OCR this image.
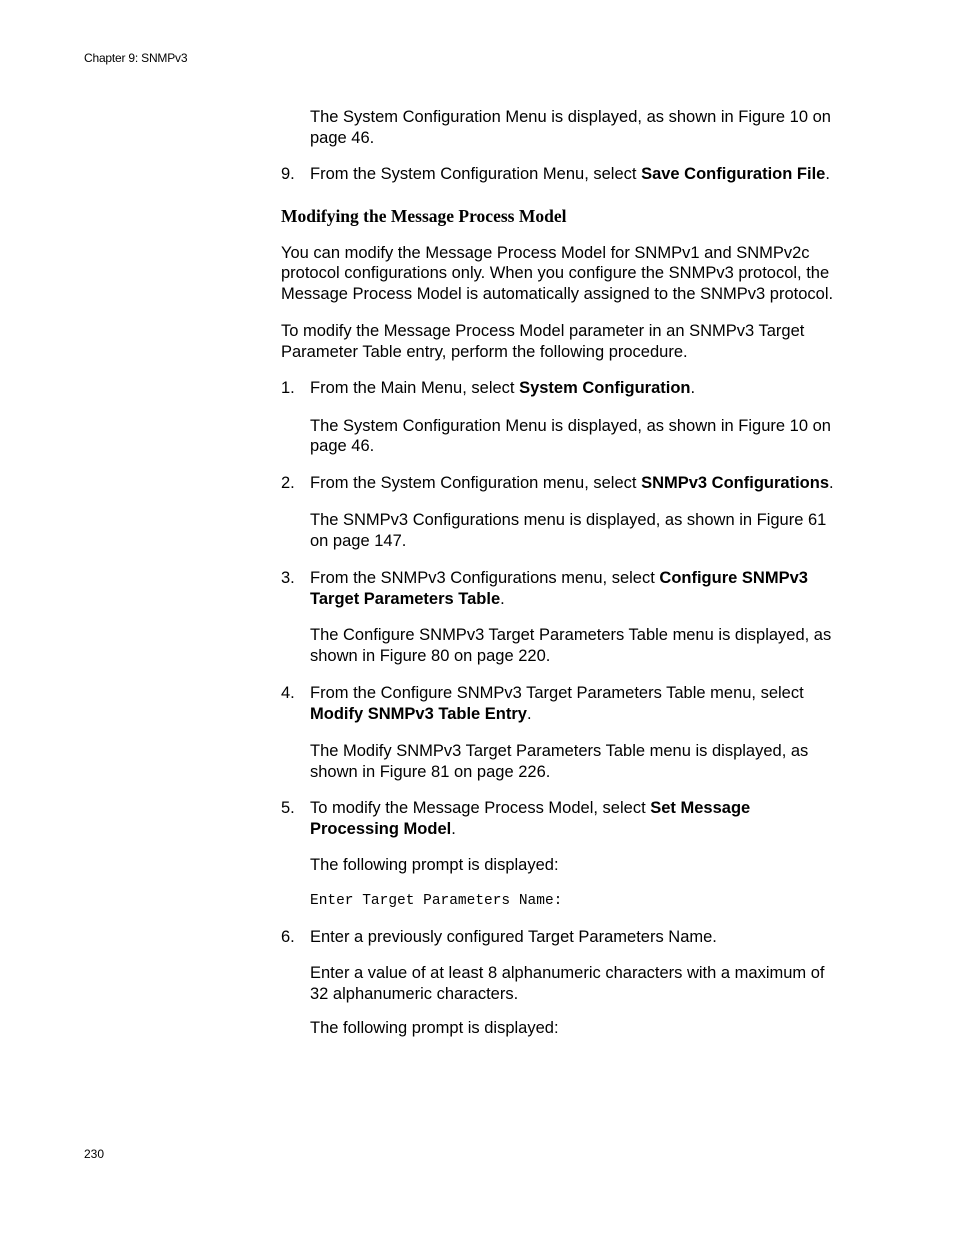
Chapter 9: SNMPv3

The System Configuration Menu is displayed, as shown in Figure 10 on page 46.

9. From the System Configuration Menu, select Save Configuration File.

Modifying the Message Process Model

You can modify the Message Process Model for SNMPv1 and SNMPv2c protocol configurations only. When you configure the SNMPv3 protocol, the Message Process Model is automatically assigned to the SNMPv3 protocol.

To modify the Message Process Model parameter in an SNMPv3 Target Parameter Table entry, perform the following procedure.

1. From the Main Menu, select System Configuration.

The System Configuration Menu is displayed, as shown in Figure 10 on page 46.

2. From the System Configuration menu, select SNMPv3 Configurations.

The SNMPv3 Configurations menu is displayed, as shown in Figure 61 on page 147.

3. From the SNMPv3 Configurations menu, select Configure SNMPv3 Target Parameters Table.

The Configure SNMPv3 Target Parameters Table menu is displayed, as shown in Figure 80 on page 220.

4. From the Configure SNMPv3 Target Parameters Table menu, select Modify SNMPv3 Table Entry.

The Modify SNMPv3 Target Parameters Table menu is displayed, as shown in Figure 81 on page 226.

5. To modify the Message Process Model, select Set Message Processing Model.

The following prompt is displayed:

Enter Target Parameters Name:

6. Enter a previously configured Target Parameters Name.

Enter a value of at least 8 alphanumeric characters with a maximum of 32 alphanumeric characters.

The following prompt is displayed:

230
